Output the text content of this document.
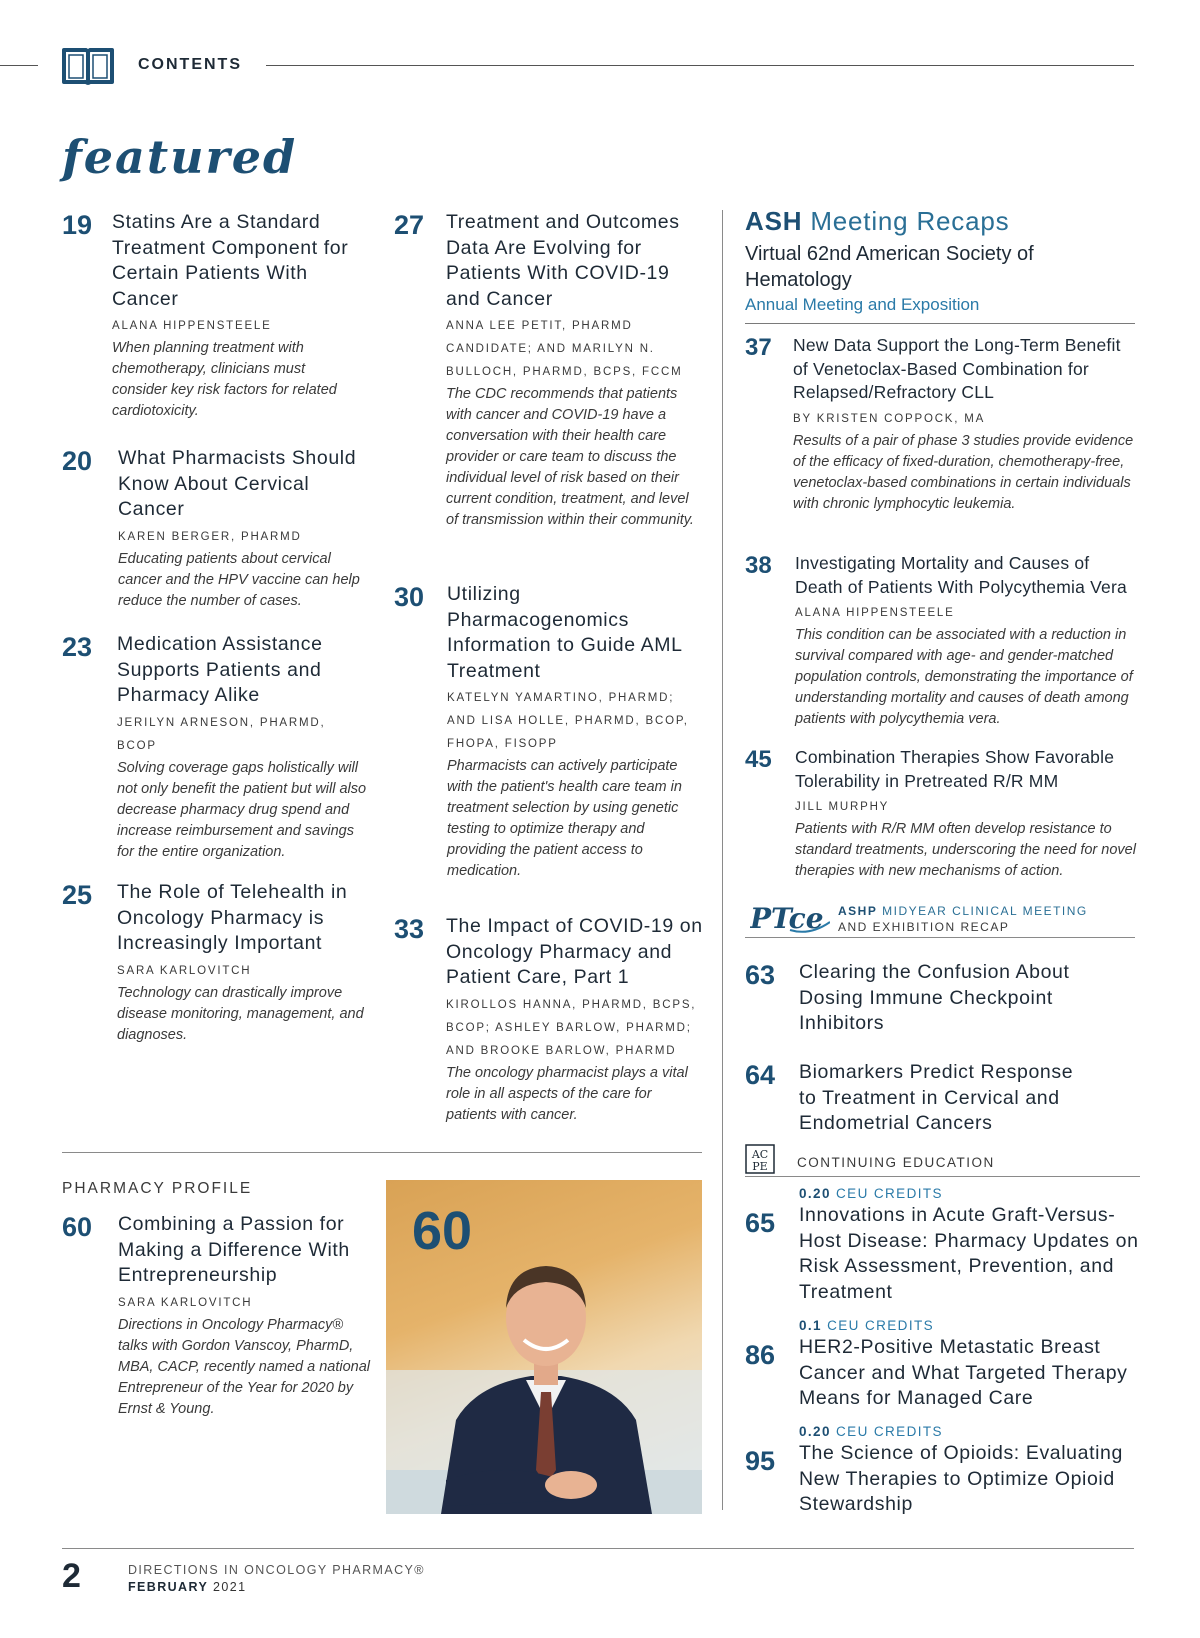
CONTENTS
featured
19 Statins Are a Standard Treatment Component for Certain Patients With Cancer
ALANA HIPPENSTEELE
When planning treatment with chemotherapy, clinicians must consider key risk factors for related cardiotoxicity.
20 What Pharmacists Should Know About Cervical Cancer
KAREN BERGER, PHARMD
Educating patients about cervical cancer and the HPV vaccine can help reduce the number of cases.
23 Medication Assistance Supports Patients and Pharmacy Alike
JERILYN ARNESON, PHARMD, BCOP
Solving coverage gaps holistically will not only benefit the patient but will also decrease pharmacy drug spend and increase reimbursement and savings for the entire organization.
25 The Role of Telehealth in Oncology Pharmacy is Increasingly Important
SARA KARLOVITCH
Technology can drastically improve disease monitoring, management, and diagnoses.
27 Treatment and Outcomes Data Are Evolving for Patients With COVID-19 and Cancer
ANNA LEE PETIT, PHARMD CANDIDATE; AND MARILYN N. BULLOCH, PHARMD, BCPS, FCCM
The CDC recommends that patients with cancer and COVID-19 have a conversation with their health care provider or care team to discuss the individual level of risk based on their current condition, treatment, and level of transmission within their community.
30 Utilizing Pharmacogenomics Information to Guide AML Treatment
KATELYN YAMARTINO, PHARMD; AND LISA HOLLE, PHARMD, BCOP, FHOPA, FISOPP
Pharmacists can actively participate with the patient's health care team in treatment selection by using genetic testing to optimize therapy and providing the patient access to medication.
33 The Impact of COVID-19 on Oncology Pharmacy and Patient Care, Part 1
KIROLLOS HANNA, PHARMD, BCPS, BCOP; ASHLEY BARLOW, PHARMD; AND BROOKE BARLOW, PHARMD
The oncology pharmacist plays a vital role in all aspects of the care for patients with cancer.
ASH Meeting Recaps
Virtual 62nd American Society of Hematology
Annual Meeting and Exposition
37 New Data Support the Long-Term Benefit of Venetoclax-Based Combination for Relapsed/Refractory CLL
BY KRISTEN COPPOCK, MA
Results of a pair of phase 3 studies provide evidence of the efficacy of fixed-duration, chemotherapy-free, venetoclax-based combinations in certain individuals with chronic lymphocytic leukemia.
38 Investigating Mortality and Causes of Death of Patients With Polycythemia Vera
ALANA HIPPENSTEELE
This condition can be associated with a reduction in survival compared with age- and gender-matched population controls, demonstrating the importance of understanding mortality and causes of death among patients with polycythemia vera.
45 Combination Therapies Show Favorable Tolerability in Pretreated R/R MM
JILL MURPHY
Patients with R/R MM often develop resistance to standard treatments, underscoring the need for novel therapies with new mechanisms of action.
PTce ASHP MIDYEAR CLINICAL MEETING
AND EXHIBITION RECAP
63 Clearing the Confusion About Dosing Immune Checkpoint Inhibitors
64 Biomarkers Predict Response to Treatment in Cervical and Endometrial Cancers
AC
PE CONTINUING EDUCATION
65
0.20 CEU CREDITS
Innovations in Acute Graft-Versus-Host Disease: Pharmacy Updates on Risk Assessment, Prevention, and Treatment
86
0.1 CEU CREDITS
HER2-Positive Metastatic Breast Cancer and What Targeted Therapy Means for Managed Care
95
0.20 CEU CREDITS
The Science of Opioids: Evaluating New Therapies to Optimize Opioid Stewardship
PHARMACY PROFILE
60 Combining a Passion for Making a Difference With Entrepreneurship
SARA KARLOVITCH
Directions in Oncology Pharmacy® talks with Gordon Vanscoy, PharmD, MBA, CACP, recently named a national Entrepreneur of the Year for 2020 by Ernst & Young.
60
2	DIRECTIONS IN ONCOLOGY PHARMACY®
FEBRUARY 2021
